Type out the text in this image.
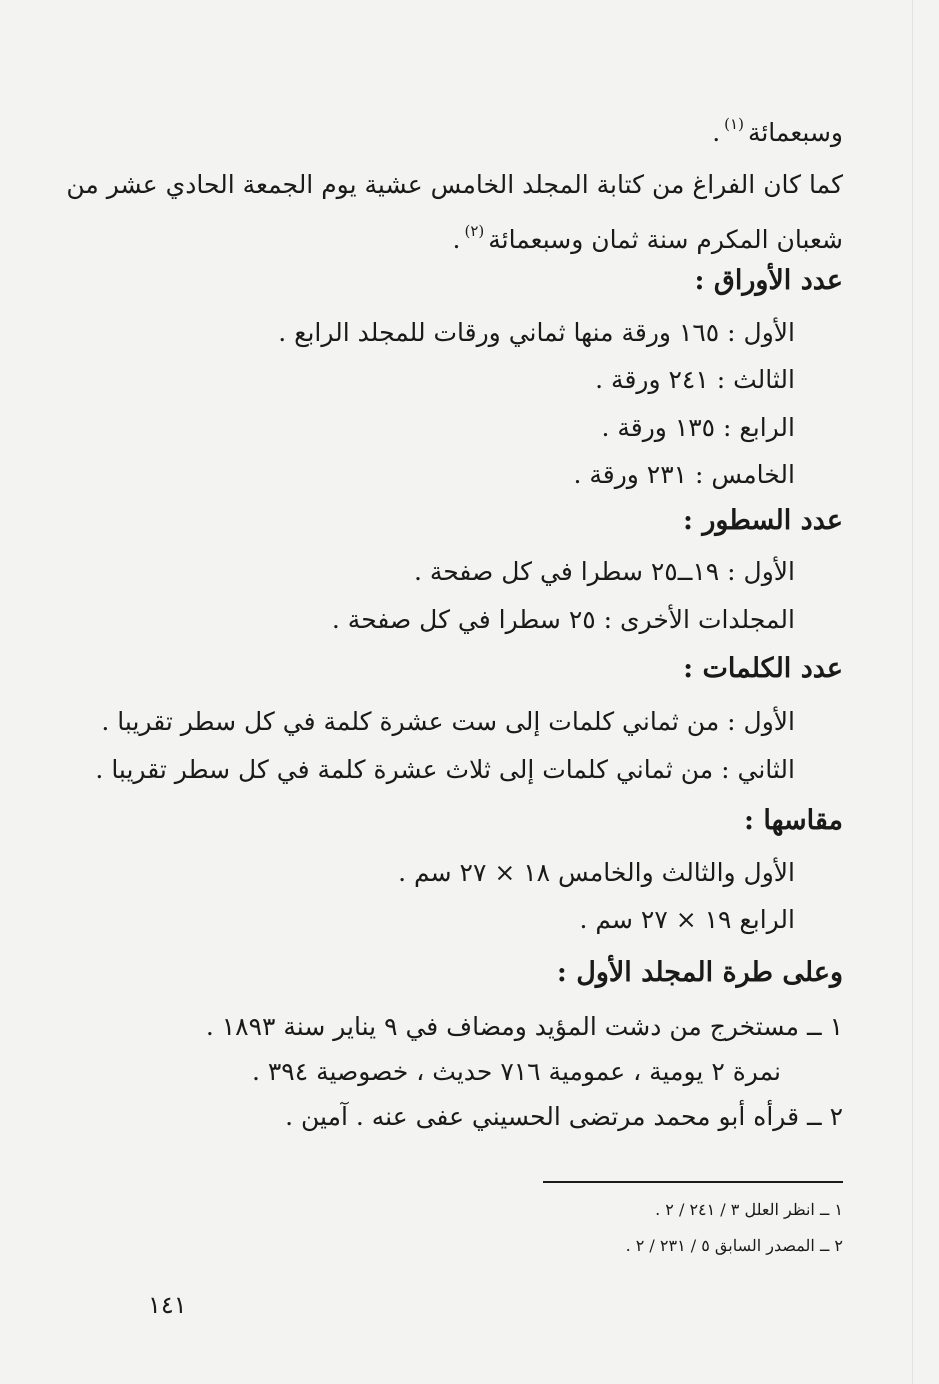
وسبعمائة$^{(١)}$.
كما كان الفراغ من كتابة المجلد الخامس عشية يوم الجمعة الحادي عشر من
شعبان المكرم سنة ثمان وسبعمائة$^{(٢)}$.
عدد الأوراق :
الأول : ١٦٥ ورقة منها ثماني ورقات للمجلد الرابع .
الثالث : ٢٤١ ورقة .
الرابع : ١٣٥ ورقة .
الخامس : ٢٣١ ورقة .
عدد السطور :
الأول : ١٩ــ٢٥ سطرا في كل صفحة .
المجلدات الأخرى : ٢٥ سطرا في كل صفحة .
عدد الكلمات :
الأول : من ثماني كلمات إلى ست عشرة كلمة في كل سطر تقريبا .
الثاني : من ثماني كلمات إلى ثلاث عشرة كلمة في كل سطر تقريبا .
مقاسها :
الأول والثالث والخامس ١٨ × ٢٧ سم .
الرابع ١٩ × ٢٧ سم .
وعلى طرة المجلد الأول :
١ ــ مستخرج من دشت المؤيد ومضاف في ٩ يناير سنة ١٨٩٣ .
نمرة ٢ يومية ، عمومية ٧١٦ حديث ، خصوصية ٣٩٤ .
٢ ــ قرأه أبو محمد مرتضى الحسيني عفى عنه . آمين .
١ ــ انظر العلل ٣ / ٢٤١ / ٢ .
٢ ــ المصدر السابق ٥ / ٢٣١ / ٢ .
١٤١
